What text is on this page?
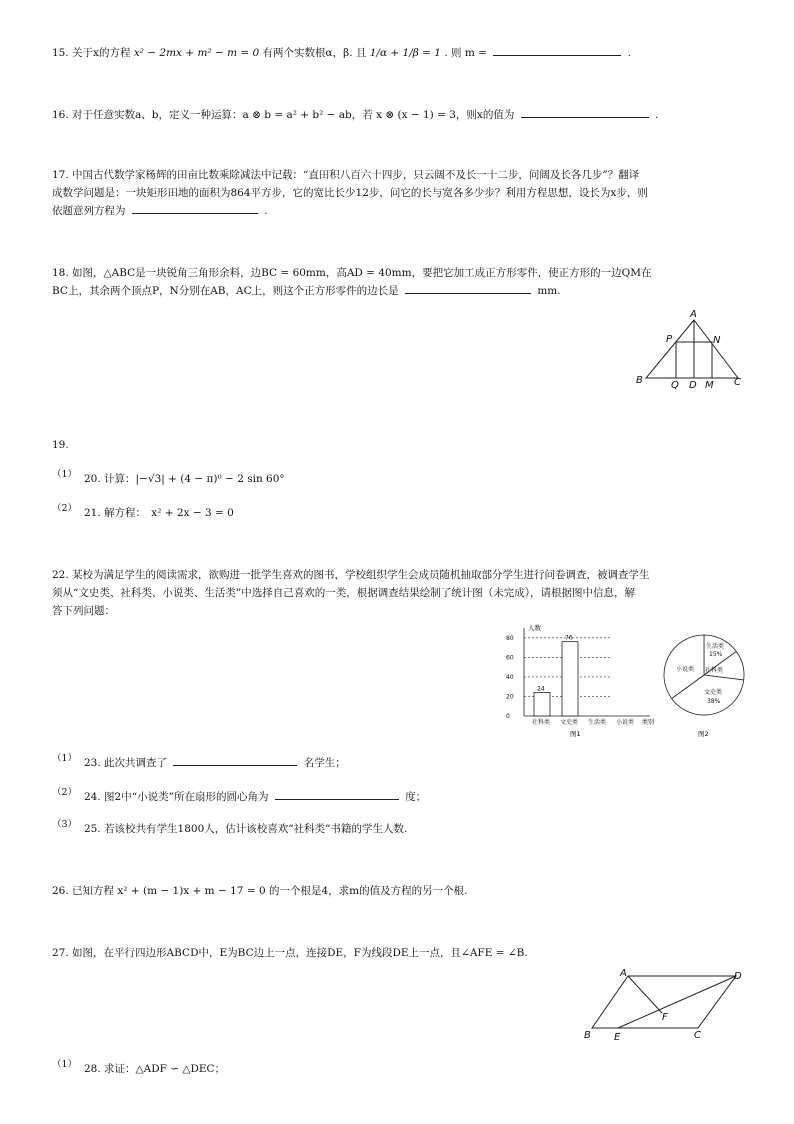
15. 关于x的方程 x² − 2mx + m² − m = 0 有两个实数根α，β. 且 1/α + 1/β = 1 . 则 m =	.
16. 对于任意实数a、b，定义一种运算：a ⊗ b = a² + b² − ab，若 x ⊗ (x − 1) = 3，则x的值为	.
17. 中国古代数学家杨辉的田亩比数乘除减法中记载：“直田积八百六十四步，只云阔不及长一十二步，问阔及长各几步”？翻译
成数学问题是：一块矩形田地的面积为864平方步，它的宽比长少12步，问它的长与宽各多少步？利用方程思想，设长为x步，则
依题意列方程为	.
18. 如图，△ABC是一块锐角三角形余料，边BC = 60mm，高AD = 40mm，要把它加工成正方形零件，使正方形的一边QM在
BC上，其余两个顶点P，N分别在AB，AC上，则这个正方形零件的边长是	mm.
A
B	C
D
P	N
Q	M
19.
（1） 20. 计算：|−√3| + (4 − π)⁰ − 2 sin 60°
（2） 21. 解方程：　x² + 2x − 3 = 0
22. 某校为满足学生的阅读需求，欲购进一批学生喜欢的图书，学校组织学生会成员随机抽取部分学生进行问卷调查，被调查学生
须从“文史类、社科类、小说类、生活类”中选择自己喜欢的一类，根据调查结果绘制了统计图（未完成），请根据图中信息，解
答下列问题：
0
20
40
60
80
24
76
社科类 文史类 生活类 小说类
人数
类别
图1
生活类
15%
社科类
文史类
38%
小说类
图2
（1） 23. 此次共调查了	名学生；
（2） 24. 图2中“小说类”所在扇形的圆心角为	度；
（3） 25. 若该校共有学生1800人，估计该校喜欢“社科类”书籍的学生人数.
26. 已知方程 x² + (m − 1)x + m − 17 = 0 的一个根是4，求m的值及方程的另一个根.
27. 如图，在平行四边形ABCD中，E为BC边上一点，连接DE，F为线段DE上一点，且∠AFE = ∠B.
A	D
B E	C
F
（1） 28. 求证：△ADF ∽ △DEC；
